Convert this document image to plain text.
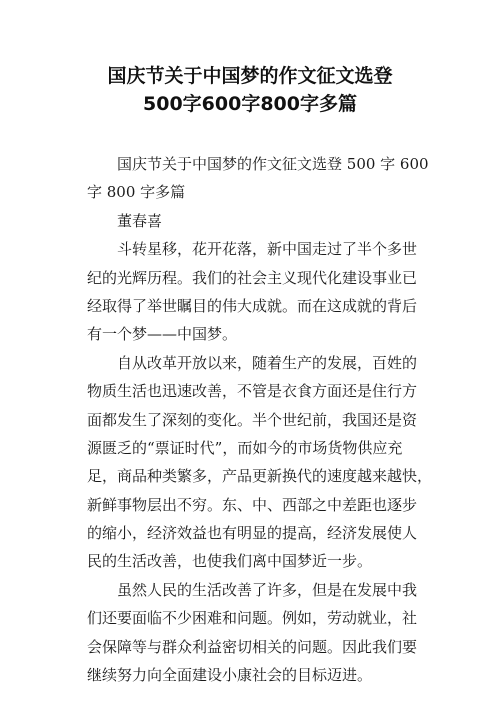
国庆节关于中国梦的作文征文选登
500字600字800字多篇
国庆节关于中国梦的作文征文选登 500 字 600
字 800 字多篇
董春喜
斗转星移，花开花落，新中国走过了半个多世
纪的光辉历程。我们的社会主义现代化建设事业已
经取得了举世瞩目的伟大成就。而在这成就的背后
有一个梦——中国梦。
自从改革开放以来，随着生产的发展，百姓的
物质生活也迅速改善，不管是衣食方面还是住行方
面都发生了深刻的变化。半个世纪前，我国还是资
源匮乏的“票证时代”，而如今的市场货物供应充
足，商品种类繁多，产品更新换代的速度越来越快，
新鲜事物层出不穷。东、中、西部之中差距也逐步
的缩小，经济效益也有明显的提高，经济发展使人
民的生活改善，也使我们离中国梦近一步。
虽然人民的生活改善了许多，但是在发展中我
们还要面临不少困难和问题。例如，劳动就业，社
会保障等与群众利益密切相关的问题。因此我们要
继续努力向全面建设小康社会的目标迈进。
